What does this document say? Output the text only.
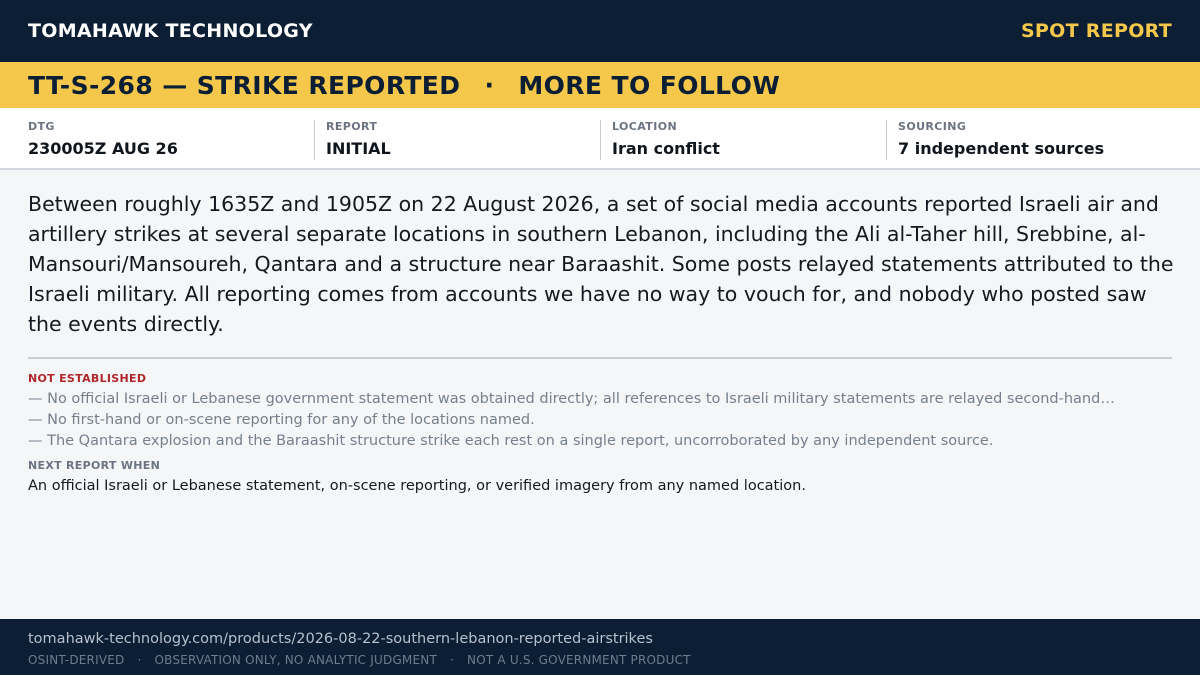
TOMAHAWK TECHNOLOGY	SPOT REPORT
TT-S-268 — STRIKE REPORTED · MORE TO FOLLOW
DTG
230005Z AUG 26
REPORT
INITIAL
LOCATION
Iran conflict
SOURCING
7 independent sources

Between roughly 1635Z and 1905Z on 22 August 2026, a set of social media accounts reported Israeli air and artillery strikes at several separate locations in southern Lebanon, including the Ali al-Taher hill, Srebbine, al-Mansouri/Mansoureh, Qantara and a structure near Baraashit. Some posts relayed statements attributed to the Israeli military. All reporting comes from accounts we have no way to vouch for, and nobody who posted saw the events directly.

NOT ESTABLISHED
— No official Israeli or Lebanese government statement was obtained directly; all references to Israeli military statements are relayed second-hand…
— No first-hand or on-scene reporting for any of the locations named.
— The Qantara explosion and the Baraashit structure strike each rest on a single report, uncorroborated by any independent source.
NEXT REPORT WHEN
An official Israeli or Lebanese statement, on-scene reporting, or verified imagery from any named location.
tomahawk-technology.com/products/2026-08-22-southern-lebanon-reported-airstrikes
OSINT-DERIVED · OBSERVATION ONLY, NO ANALYTIC JUDGMENT · NOT A U.S. GOVERNMENT PRODUCT
